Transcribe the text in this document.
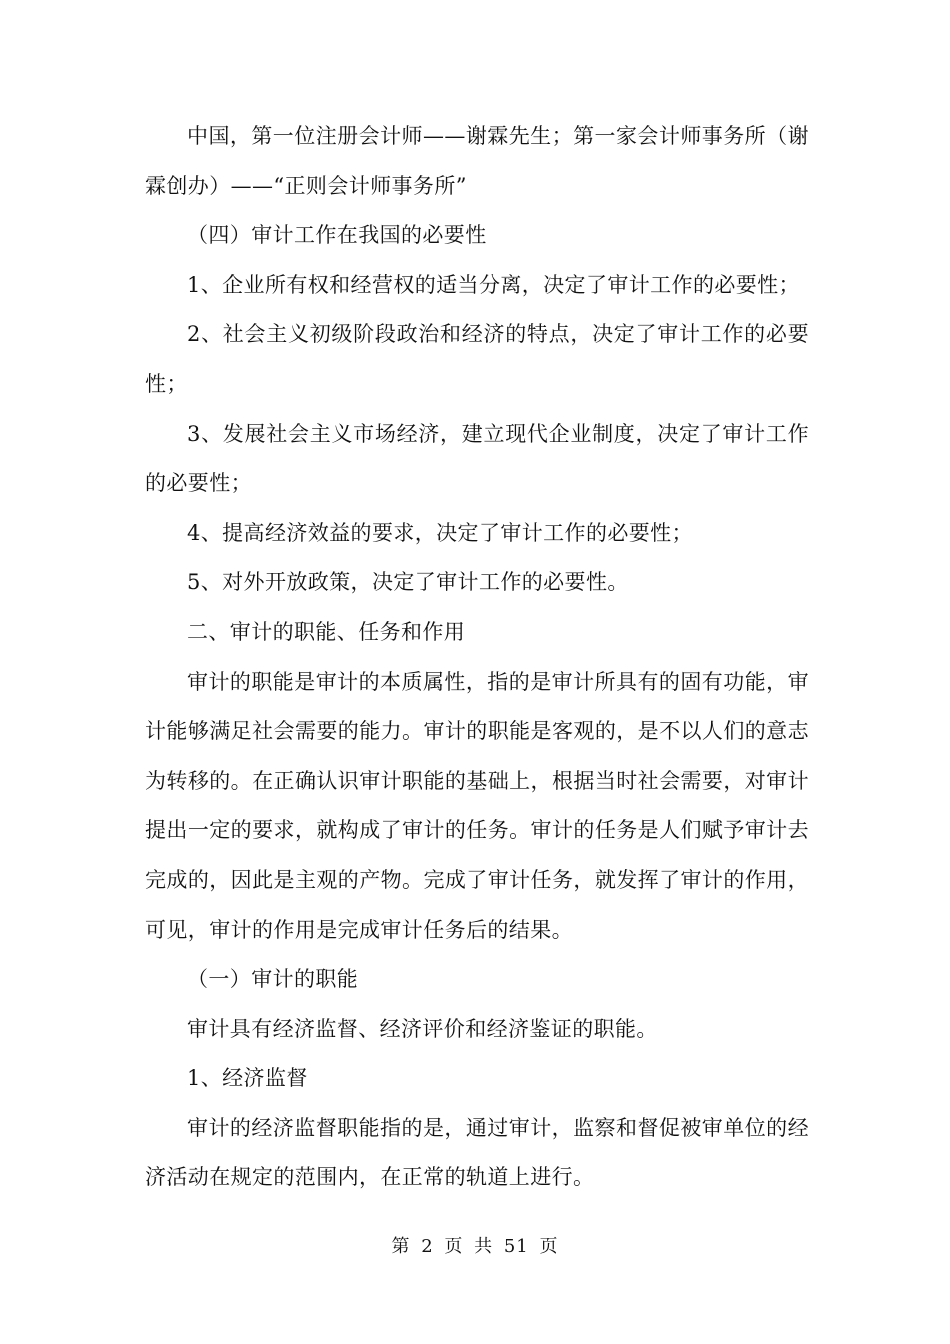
中国，第一位注册会计师——谢霖先生；第一家会计师事务所（谢霖创办）——“正则会计师事务所”

（四）审计工作在我国的必要性

1、企业所有权和经营权的适当分离，决定了审计工作的必要性；

2、社会主义初级阶段政治和经济的特点，决定了审计工作的必要性；

3、发展社会主义市场经济，建立现代企业制度，决定了审计工作的必要性；

4、提高经济效益的要求，决定了审计工作的必要性；

5、对外开放政策，决定了审计工作的必要性。

二、审计的职能、任务和作用

审计的职能是审计的本质属性，指的是审计所具有的固有功能，审计能够满足社会需要的能力。审计的职能是客观的，是不以人们的意志为转移的。在正确认识审计职能的基础上，根据当时社会需要，对审计提出一定的要求，就构成了审计的任务。审计的任务是人们赋予审计去完成的，因此是主观的产物。完成了审计任务，就发挥了审计的作用，可见，审计的作用是完成审计任务后的结果。

（一）审计的职能

审计具有经济监督、经济评价和经济鉴证的职能。

1、经济监督

审计的经济监督职能指的是，通过审计，监察和督促被审单位的经济活动在规定的范围内，在正常的轨道上进行。

第 2 页 共 51 页
